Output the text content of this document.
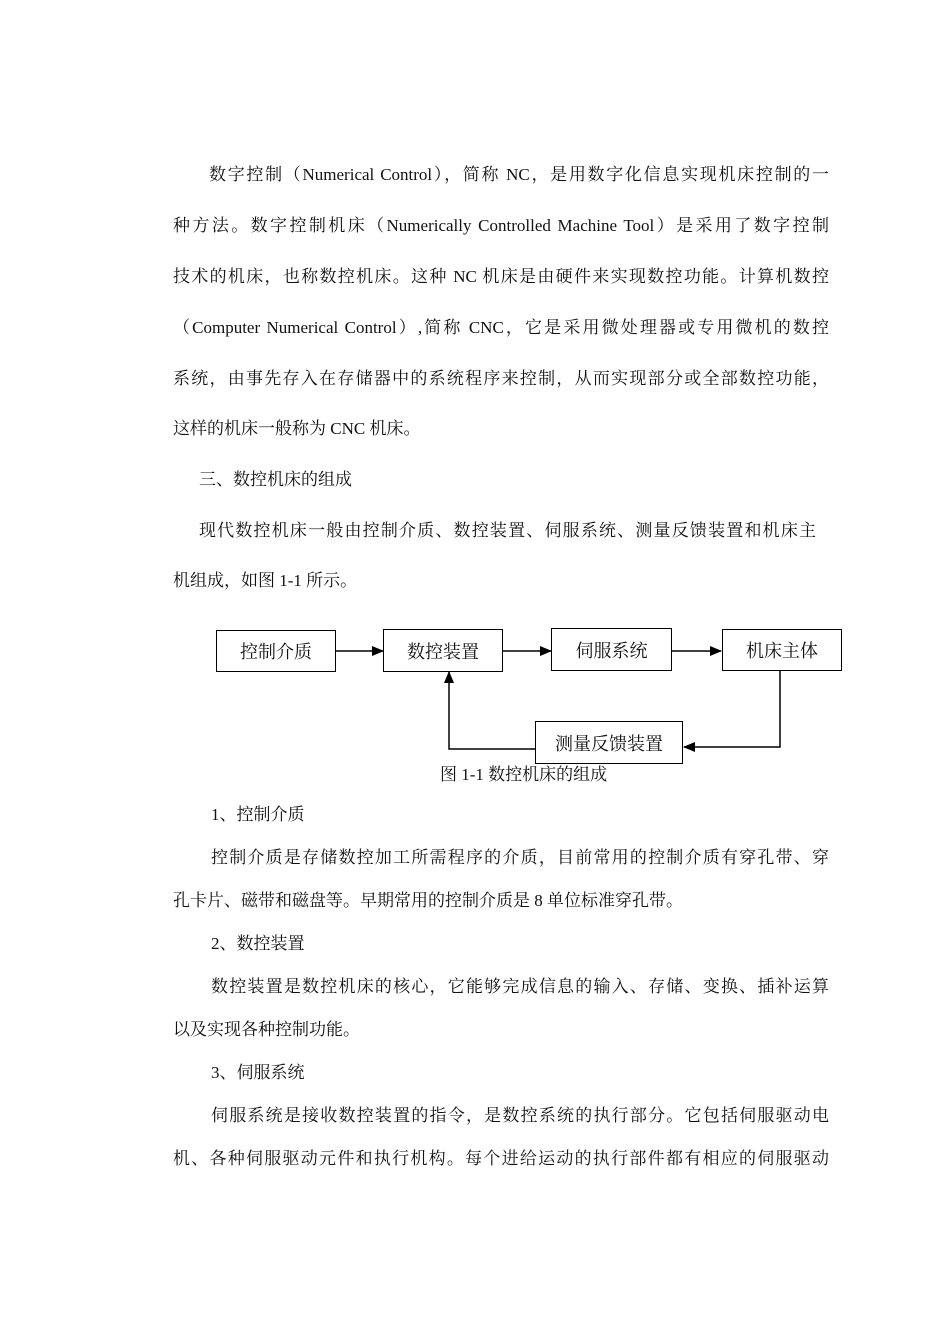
数字控制（Numerical Control），简称 NC，是用数字化信息实现机床控制的一
种方法。数字控制机床（Numerically Controlled Machine Tool）是采用了数字控制
技术的机床，也称数控机床。这种 NC 机床是由硬件来实现数控功能。计算机数控
（Computer Numerical Control）,简称 CNC，它是采用微处理器或专用微机的数控
系统，由事先存入在存储器中的系统程序来控制，从而实现部分或全部数控功能，
这样的机床一般称为 CNC 机床。
三、数控机床的组成
现代数控机床一般由控制介质、数控装置、伺服系统、测量反馈装置和机床主
机组成，如图 1-1 所示。
控制介质	数控装置	伺服系统	机床主体
测量反馈装置
图 1-1 数控机床的组成
1、控制介质
控制介质是存储数控加工所需程序的介质，目前常用的控制介质有穿孔带、穿
孔卡片、磁带和磁盘等。早期常用的控制介质是 8 单位标准穿孔带。
2、数控装置
数控装置是数控机床的核心，它能够完成信息的输入、存储、变换、插补运算
以及实现各种控制功能。
3、伺服系统
伺服系统是接收数控装置的指令，是数控系统的执行部分。它包括伺服驱动电
机、各种伺服驱动元件和执行机构。每个进给运动的执行部件都有相应的伺服驱动
